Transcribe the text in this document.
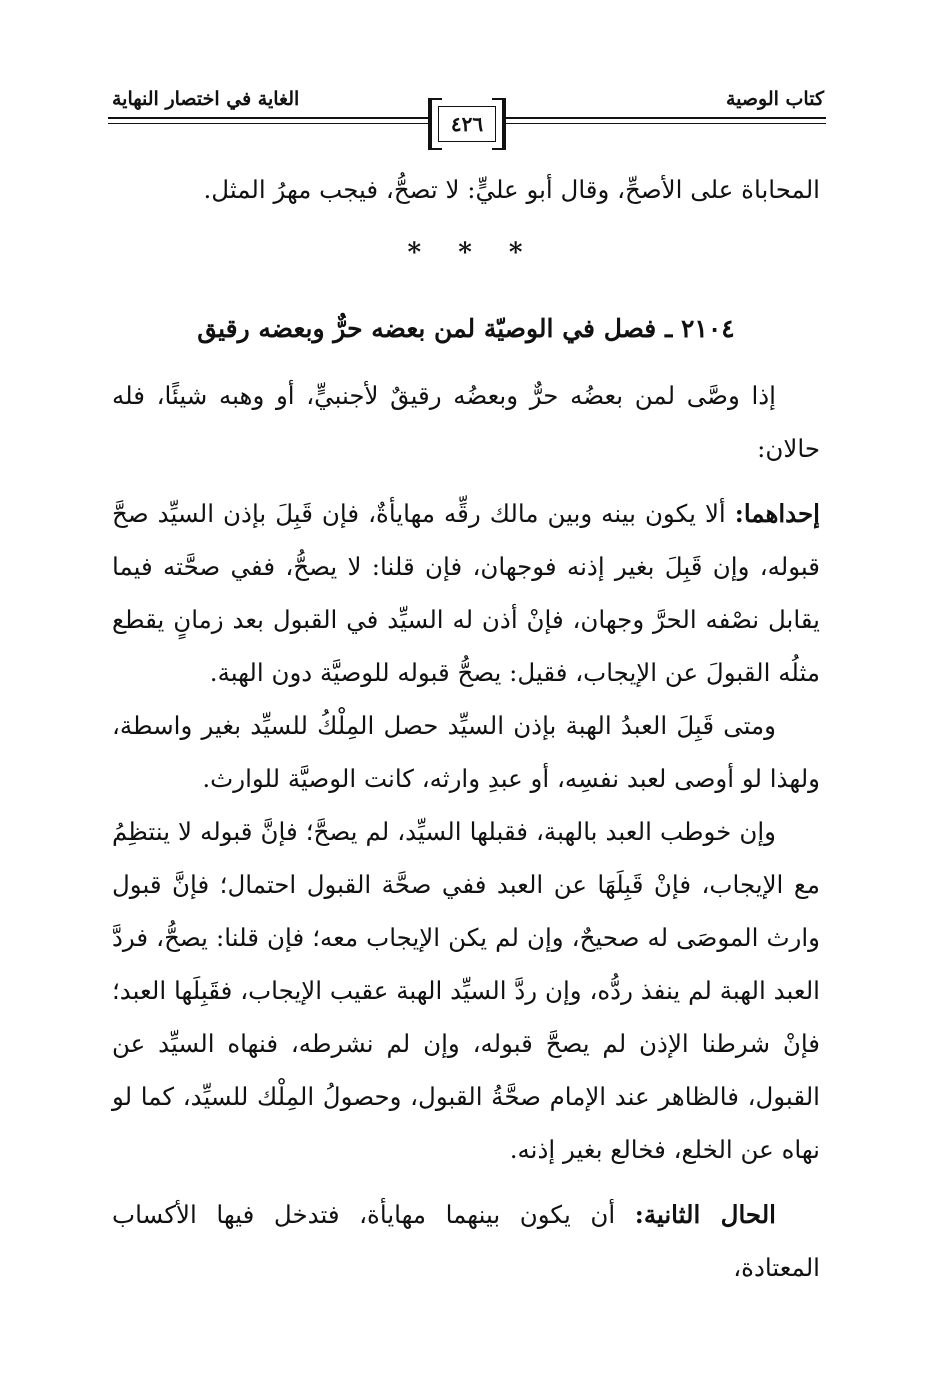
كتاب الوصية
الغاية في اختصار النهاية
٤٢٦

المحاباة على الأصحِّ، وقال أبو عليٍّ: لا تصحُّ، فيجب مهرُ المثل.

* * *
٢١٠٤ ـ فصل في الوصيّة لمن بعضه حرٌّ وبعضه رقيق

إذا وصَّى لمن بعضُه حرٌّ وبعضُه رقيقٌ لأجنبيٍّ، أو وهبه شيئًا، فله حالان:

إحداهما: ألا يكون بينه وبين مالك رقِّه مهايأةٌ، فإن قَبِلَ بإذن السيِّد صحَّ قبوله، وإن قَبِلَ بغير إذنه فوجهان، فإن قلنا: لا يصحُّ، ففي صحَّته فيما يقابل نصْفه الحرَّ وجهان، فإنْ أذن له السيِّد في القبول بعد زمانٍ يقطع مثلُه القبولَ عن الإيجاب، فقيل: يصحُّ قبوله للوصيَّة دون الهبة.

ومتى قَبِلَ العبدُ الهبة بإذن السيِّد حصل المِلْكُ للسيِّد بغير واسطة، ولهذا لو أوصى لعبد نفسِه، أو عبدِ وارثه، كانت الوصيَّة للوارث.

وإن خوطب العبد بالهبة، فقبلها السيِّد، لم يصحَّ؛ فإنَّ قبوله لا ينتظِمُ مع الإيجاب، فإنْ قَبِلَهَا عن العبد ففي صحَّة القبول احتمال؛ فإنَّ قبول وارث الموصَى له صحيحٌ، وإن لم يكن الإيجاب معه؛ فإن قلنا: يصحُّ، فردَّ العبد الهبة لم ينفذ ردُّه، وإن ردَّ السيِّد الهبة عقيب الإيجاب، فقَبِلَها العبد؛ فإنْ شرطنا الإذن لم يصحَّ قبوله، وإن لم نشرطه، فنهاه السيِّد عن القبول، فالظاهر عند الإمام صحَّةُ القبول، وحصولُ المِلْك للسيِّد، كما لو نهاه عن الخلع، فخالع بغير إذنه.

الحال الثانية: أن يكون بينهما مهايأة، فتدخل فيها الأكساب المعتادة،
